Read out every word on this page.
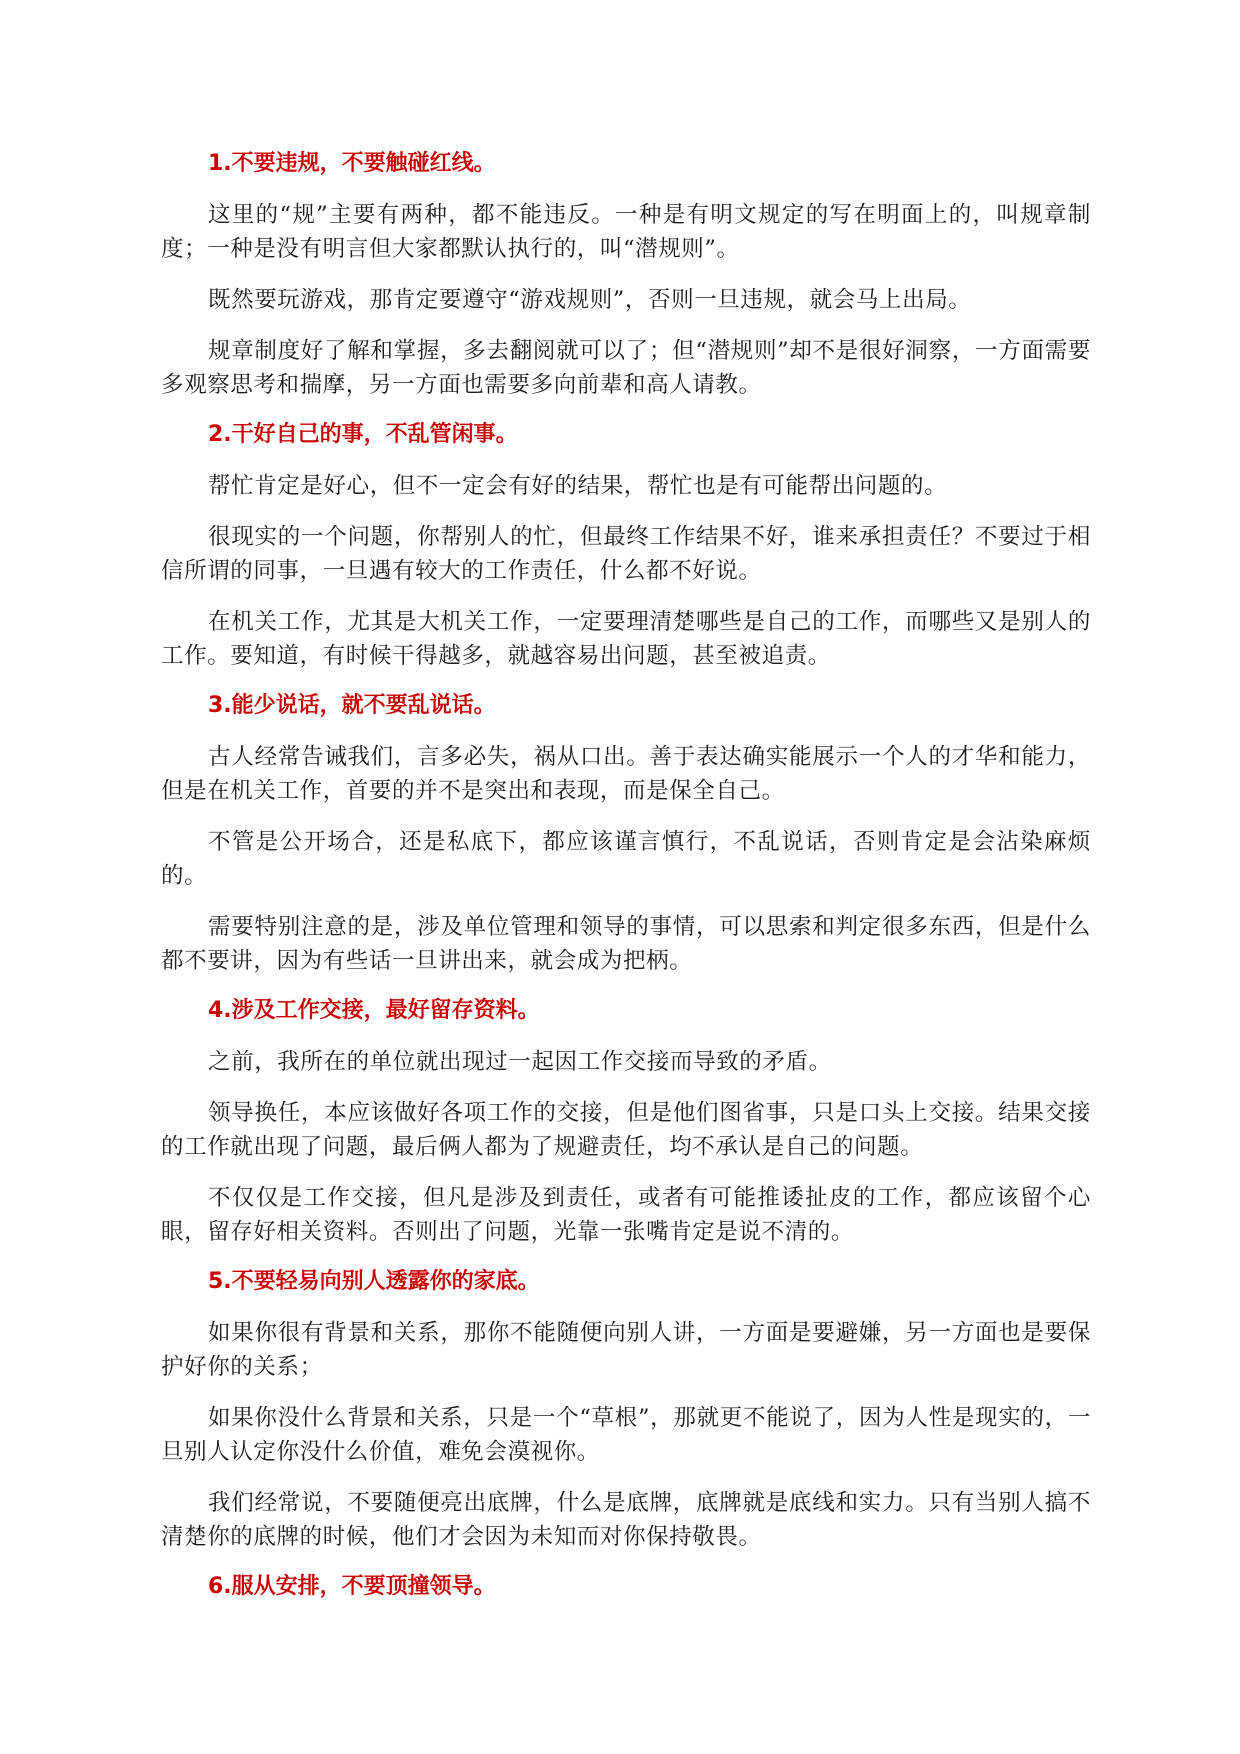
1.不要违规，不要触碰红线。

这里的“规”主要有两种，都不能违反。一种是有明文规定的写在明面上的，叫规章制度；一种是没有明言但大家都默认执行的，叫“潜规则”。

既然要玩游戏，那肯定要遵守“游戏规则”，否则一旦违规，就会马上出局。

规章制度好了解和掌握，多去翻阅就可以了；但“潜规则”却不是很好洞察，一方面需要多观察思考和揣摩，另一方面也需要多向前辈和高人请教。

2.干好自己的事，不乱管闲事。

帮忙肯定是好心，但不一定会有好的结果，帮忙也是有可能帮出问题的。

很现实的一个问题，你帮别人的忙，但最终工作结果不好，谁来承担责任？不要过于相信所谓的同事，一旦遇有较大的工作责任，什么都不好说。

在机关工作，尤其是大机关工作，一定要理清楚哪些是自己的工作，而哪些又是别人的工作。要知道，有时候干得越多，就越容易出问题，甚至被追责。

3.能少说话，就不要乱说话。

古人经常告诫我们，言多必失，祸从口出。善于表达确实能展示一个人的才华和能力，但是在机关工作，首要的并不是突出和表现，而是保全自己。

不管是公开场合，还是私底下，都应该谨言慎行，不乱说话，否则肯定是会沾染麻烦的。

需要特别注意的是，涉及单位管理和领导的事情，可以思索和判定很多东西，但是什么都不要讲，因为有些话一旦讲出来，就会成为把柄。

4.涉及工作交接，最好留存资料。

之前，我所在的单位就出现过一起因工作交接而导致的矛盾。

领导换任，本应该做好各项工作的交接，但是他们图省事，只是口头上交接。结果交接的工作就出现了问题，最后俩人都为了规避责任，均不承认是自己的问题。

不仅仅是工作交接，但凡是涉及到责任，或者有可能推诿扯皮的工作，都应该留个心眼，留存好相关资料。否则出了问题，光靠一张嘴肯定是说不清的。

5.不要轻易向别人透露你的家底。

如果你很有背景和关系，那你不能随便向别人讲，一方面是要避嫌，另一方面也是要保护好你的关系；

如果你没什么背景和关系，只是一个“草根”，那就更不能说了，因为人性是现实的，一旦别人认定你没什么价值，难免会漠视你。

我们经常说，不要随便亮出底牌，什么是底牌，底牌就是底线和实力。只有当别人搞不清楚你的底牌的时候，他们才会因为未知而对你保持敬畏。

6.服从安排，不要顶撞领导。
